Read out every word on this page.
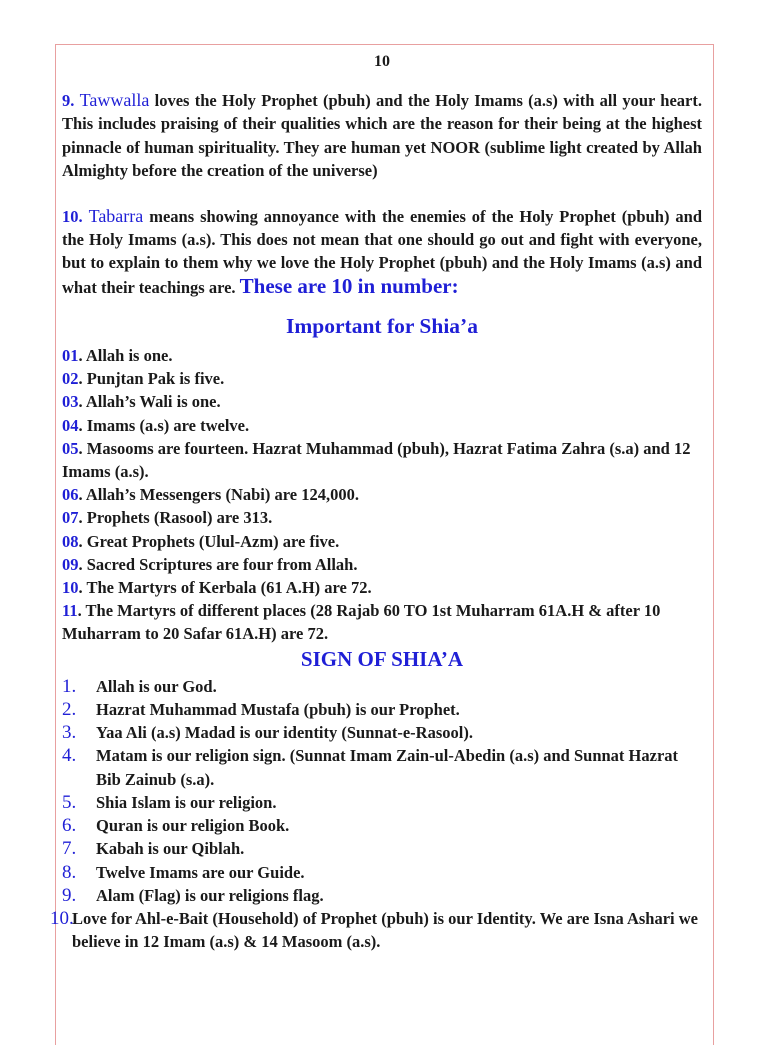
10

9. Tawwalla loves the Holy Prophet (pbuh) and the Holy Imams (a.s) with all your heart. This includes praising of their qualities which are the reason for their being at the highest pinnacle of human spirituality. They are human yet NOOR (sublime light created by Allah Almighty before the creation of the universe)

10. Tabarra means showing annoyance with the enemies of the Holy Prophet (pbuh) and the Holy Imams (a.s). This does not mean that one should go out and fight with everyone, but to explain to them why we love the Holy Prophet (pbuh) and the Holy Imams (a.s) and what their teachings are. These are 10 in number:

Important for Shia’a

01. Allah is one.

02. Punjtan Pak is five.

03. Allah’s Wali is one.

04. Imams (a.s) are twelve.

05. Masooms are fourteen. Hazrat Muhammad (pbuh), Hazrat Fatima Zahra (s.a) and 12 Imams (a.s).

06. Allah’s Messengers (Nabi) are 124,000.

07. Prophets (Rasool) are 313.

08. Great Prophets (Ulul-Azm) are five.

09. Sacred Scriptures are four from Allah.

10. The Martyrs of Kerbala (61 A.H) are 72.

11. The Martyrs of different places (28 Rajab 60 TO 1st Muharram 61A.H & after 10 Muharram to 20 Safar 61A.H) are 72.

SIGN OF SHIA’A
1.	Allah is our God.
2.	Hazrat Muhammad Mustafa (pbuh) is our Prophet.
3.	Yaa Ali (a.s) Madad is our identity (Sunnat-e-Rasool).
4.	Matam is our religion sign. (Sunnat Imam Zain-ul-Abedin (a.s) and Sunnat Hazrat Bib Zainub (s.a).
5.	Shia Islam is our religion.
6.	Quran is our religion Book.
7.	Kabah is our Qiblah.
8.	Twelve Imams are our Guide.
9.	Alam (Flag) is our religions flag.
10.
Love for Ahl-e-Bait (Household) of Prophet (pbuh) is our Identity. We are Isna Ashari we believe in 12 Imam (a.s) & 14 Masoom (a.s).
